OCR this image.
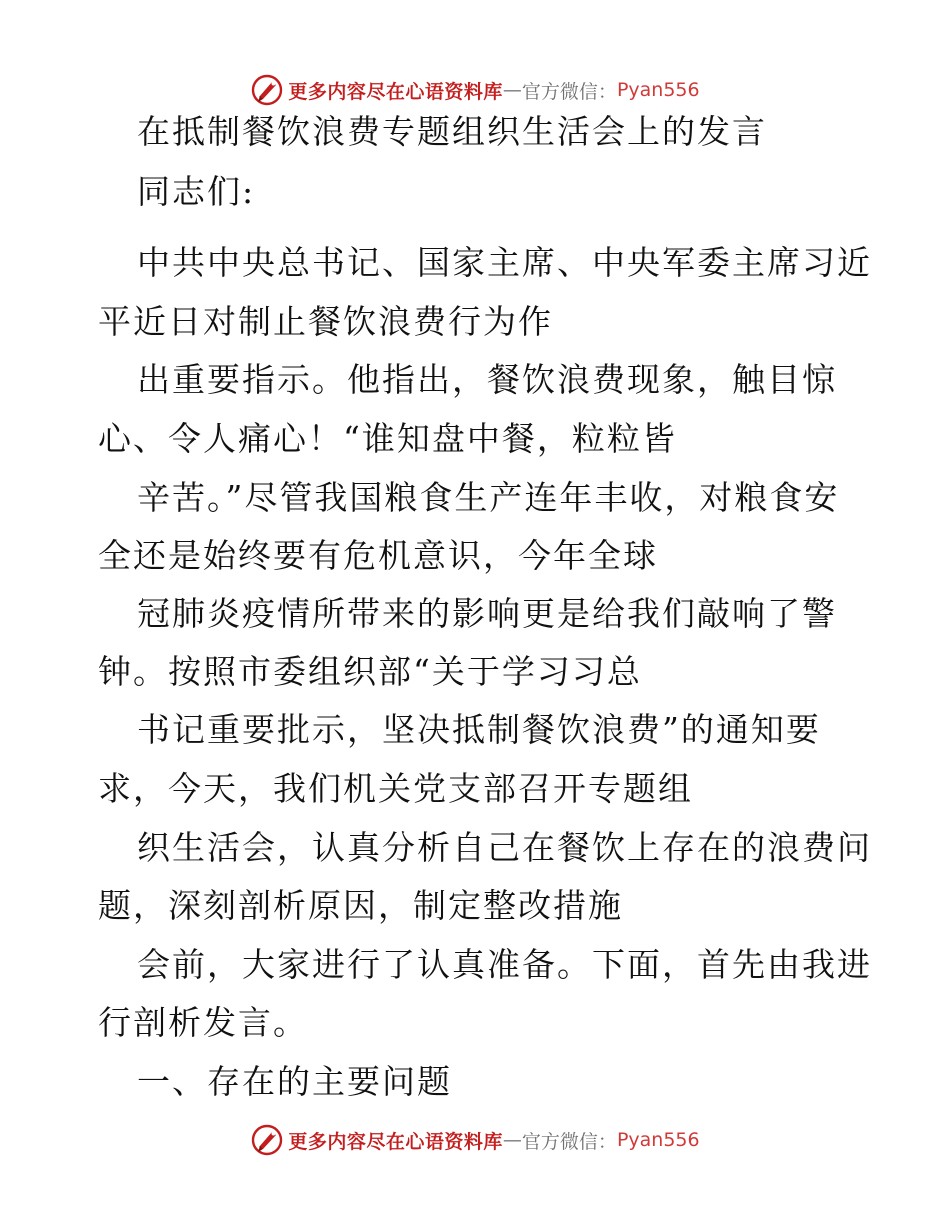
更多内容尽在心语资料库 — 官方微信： Pyan556
在抵制餐饮浪费专题组织生活会上的发言
同志们:
中共中央总书记、国家主席、中央军委主席习近
平近日对制止餐饮浪费行为作
出重要指示。他指出，餐饮浪费现象，触目惊
心、令人痛心！“谁知盘中餐，粒粒皆
辛苦。”尽管我国粮食生产连年丰收，对粮食安
全还是始终要有危机意识，今年全球
冠肺炎疫情所带来的影响更是给我们敲响了警
钟。按照市委组织部“关于学习习总
书记重要批示，坚决抵制餐饮浪费”的通知要
求，今天，我们机关党支部召开专题组
织生活会，认真分析自己在餐饮上存在的浪费问
题，深刻剖析原因，制定整改措施
会前，大家进行了认真准备。下面，首先由我进
行剖析发言。
一、存在的主要问题
更多内容尽在心语资料库 — 官方微信： Pyan556
